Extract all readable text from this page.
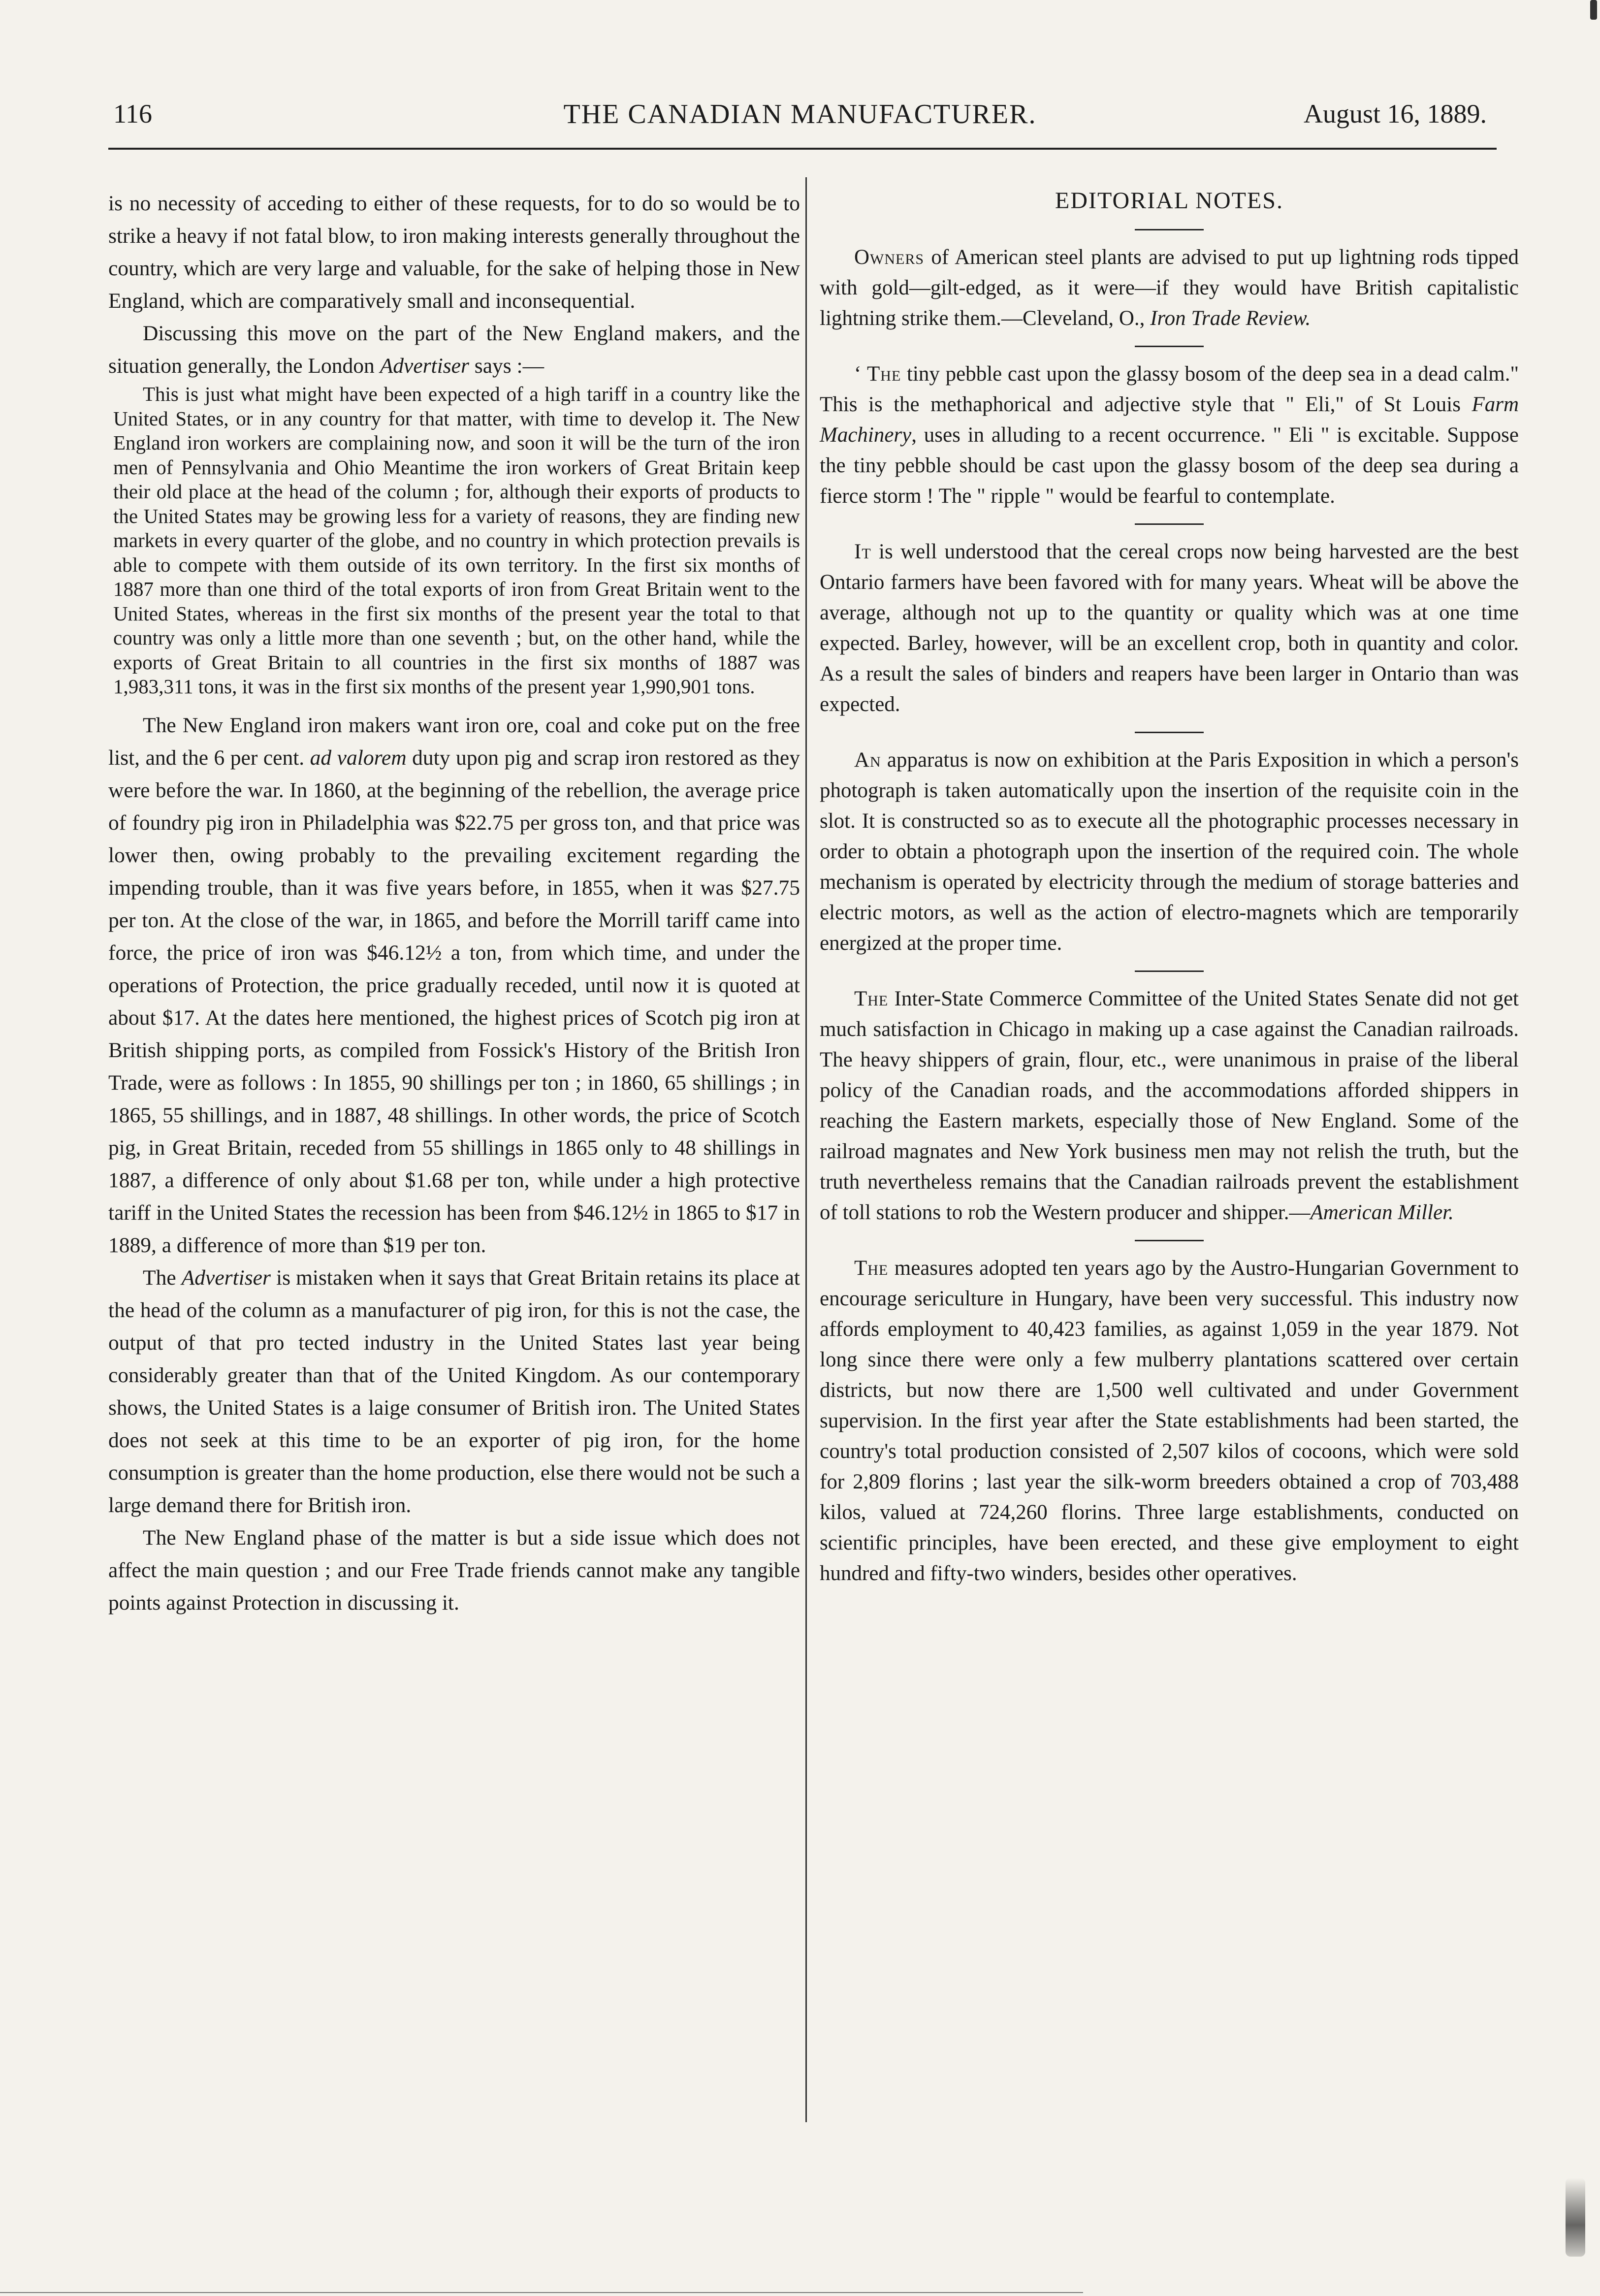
116	THE CANADIAN MANUFACTURER.	August 16, 1889.

is no necessity of acceding to either of these requests, for to do so would be to strike a heavy if not fatal blow, to iron making interests generally throughout the country, which are very large and valuable, for the sake of helping those in New England, which are comparatively small and inconsequential.

Discussing this move on the part of the New England makers, and the situation generally, the London Advertiser says :—

This is just what might have been expected of a high tariff in a country like the United States, or in any country for that matter, with time to develop it. The New England iron workers are complaining now, and soon it will be the turn of the iron men of Pennsylvania and Ohio Meantime the iron workers of Great Britain keep their old place at the head of the column ; for, although their exports of products to the United States may be growing less for a variety of reasons, they are finding new markets in every quarter of the globe, and no country in which protection prevails is able to compete with them outside of its own territory. In the first six months of 1887 more than one third of the total exports of iron from Great Britain went to the United States, whereas in the first six months of the present year the total to that country was only a little more than one seventh ; but, on the other hand, while the exports of Great Britain to all countries in the first six months of 1887 was 1,983,311 tons, it was in the first six months of the present year 1,990,901 tons.

The New England iron makers want iron ore, coal and coke put on the free list, and the 6 per cent. ad valorem duty upon pig and scrap iron restored as they were before the war. In 1860, at the beginning of the rebellion, the average price of foundry pig iron in Philadelphia was $22.75 per gross ton, and that price was lower then, owing probably to the prevailing excitement regarding the impending trouble, than it was five years before, in 1855, when it was $27.75 per ton. At the close of the war, in 1865, and before the Morrill tariff came into force, the price of iron was $46.12½ a ton, from which time, and under the operations of Protection, the price gradually receded, until now it is quoted at about $17. At the dates here mentioned, the highest prices of Scotch pig iron at British shipping ports, as compiled from Fossick's History of the British Iron Trade, were as follows : In 1855, 90 shillings per ton ; in 1860, 65 shillings ; in 1865, 55 shillings, and in 1887, 48 shillings. In other words, the price of Scotch pig, in Great Britain, receded from 55 shillings in 1865 only to 48 shillings in 1887, a difference of only about $1.68 per ton, while under a high protective tariff in the United States the recession has been from $46.12½ in 1865 to $17 in 1889, a difference of more than $19 per ton.

The Advertiser is mistaken when it says that Great Britain retains its place at the head of the column as a manufacturer of pig iron, for this is not the case, the output of that pro tected industry in the United States last year being considerably greater than that of the United Kingdom. As our contemporary shows, the United States is a laige consumer of British iron. The United States does not seek at this time to be an exporter of pig iron, for the home consumption is greater than the home production, else there would not be such a large demand there for British iron.

The New England phase of the matter is but a side issue which does not affect the main question ; and our Free Trade friends cannot make any tangible points against Protection in discussing it.

EDITORIAL NOTES.

Owners of American steel plants are advised to put up lightning rods tipped with gold—gilt-edged, as it were—if they would have British capitalistic lightning strike them.—Cleveland, O., Iron Trade Review.

‘ The tiny pebble cast upon the glassy bosom of the deep sea in a dead calm." This is the methaphorical and adjective style that " Eli," of St Louis Farm Machinery, uses in alluding to a recent occurrence. " Eli " is excitable. Suppose the tiny pebble should be cast upon the glassy bosom of the deep sea during a fierce storm ! The " ripple " would be fearful to contemplate.

It is well understood that the cereal crops now being harvested are the best Ontario farmers have been favored with for many years. Wheat will be above the average, although not up to the quantity or quality which was at one time expected. Barley, however, will be an excellent crop, both in quantity and color. As a result the sales of binders and reapers have been larger in Ontario than was expected.

An apparatus is now on exhibition at the Paris Exposition in which a person's photograph is taken automatically upon the insertion of the requisite coin in the slot. It is constructed so as to execute all the photographic processes necessary in order to obtain a photograph upon the insertion of the required coin. The whole mechanism is operated by electricity through the medium of storage batteries and electric motors, as well as the action of electro-magnets which are temporarily energized at the proper time.

The Inter-State Commerce Committee of the United States Senate did not get much satisfaction in Chicago in making up a case against the Canadian railroads. The heavy shippers of grain, flour, etc., were unanimous in praise of the liberal policy of the Canadian roads, and the accommodations afforded shippers in reaching the Eastern markets, especially those of New England. Some of the railroad magnates and New York business men may not relish the truth, but the truth nevertheless remains that the Canadian railroads prevent the establishment of toll stations to rob the Western producer and shipper.—American Miller.

The measures adopted ten years ago by the Austro-Hungarian Government to encourage sericulture in Hungary, have been very successful. This industry now affords employment to 40,423 families, as against 1,059 in the year 1879. Not long since there were only a few mulberry plantations scattered over certain districts, but now there are 1,500 well cultivated and under Government supervision. In the first year after the State establishments had been started, the country's total production consisted of 2,507 kilos of cocoons, which were sold for 2,809 florins ; last year the silk-worm breeders obtained a crop of 703,488 kilos, valued at 724,260 florins. Three large establishments, conducted on scientific principles, have been erected, and these give employment to eight hundred and fifty-two winders, besides other operatives.
